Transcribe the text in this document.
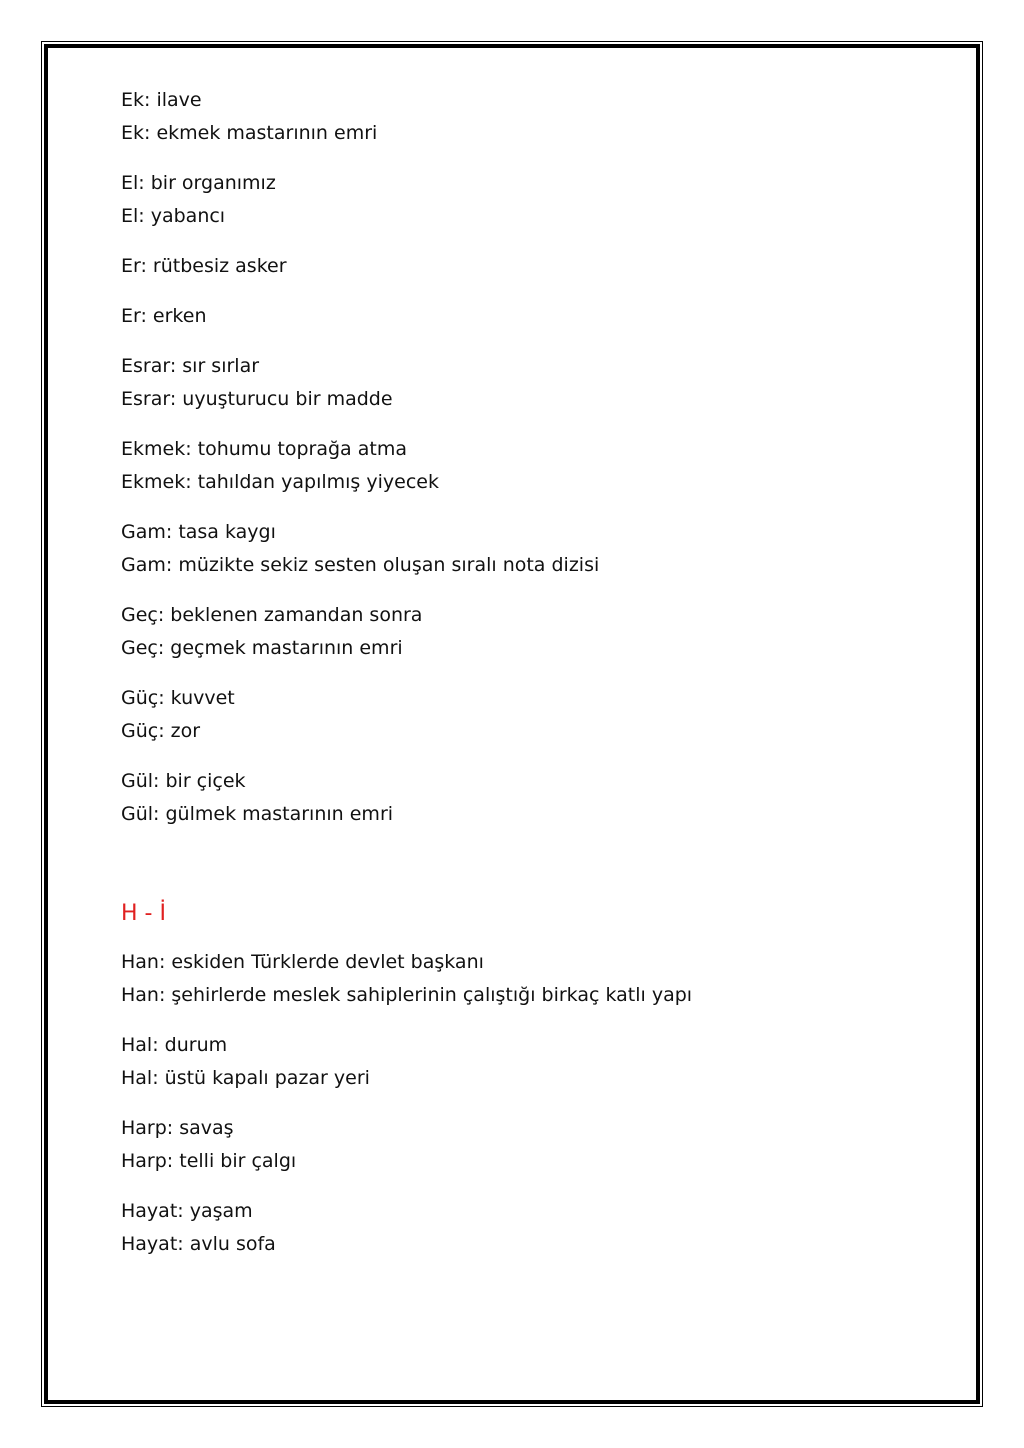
Ek: ilave
Ek: ekmek mastarının emri
El: bir organımız
El: yabancı
Er: rütbesiz asker
Er: erken
Esrar: sır sırlar
Esrar: uyuşturucu bir madde
Ekmek: tohumu toprağa atma
Ekmek: tahıldan yapılmış yiyecek
Gam: tasa kaygı
Gam: müzikte sekiz sesten oluşan sıralı nota dizisi
Geç: beklenen zamandan sonra
Geç: geçmek mastarının emri
Güç: kuvvet
Güç: zor
Gül: bir çiçek
Gül: gülmek mastarının emri
H - İ
Han: eskiden Türklerde devlet başkanı
Han: şehirlerde meslek sahiplerinin çalıştığı birkaç katlı yapı
Hal: durum
Hal: üstü kapalı pazar yeri
Harp: savaş
Harp: telli bir çalgı
Hayat: yaşam
Hayat: avlu sofa
